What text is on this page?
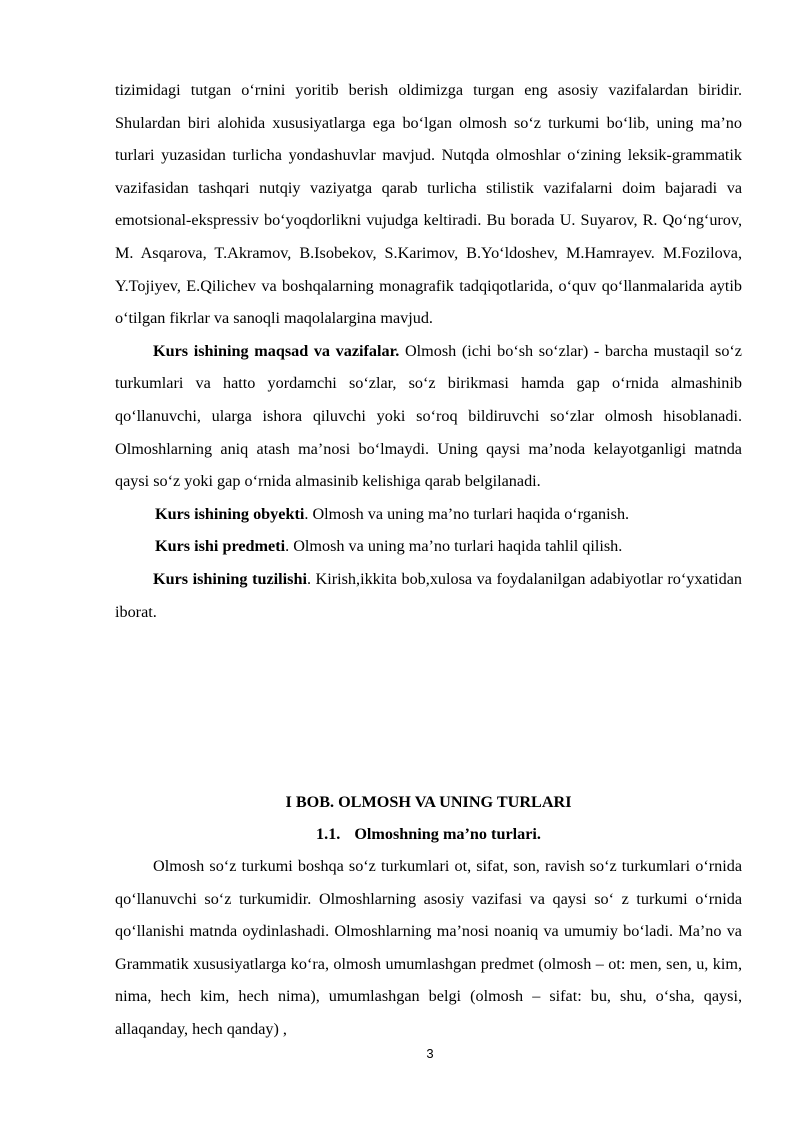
tizimidagi tutgan o‘rnini yoritib berish oldimizga turgan eng asosiy vazifalardan biridir. Shulardan biri alohida xususiyatlarga ega bo‘lgan olmosh so‘z turkumi bo‘lib, uning ma’no turlari yuzasidan turlicha yondashuvlar mavjud. Nutqda olmoshlar o‘zining leksik-grammatik vazifasidan tashqari nutqiy vaziyatga qarab turlicha stilistik vazifalarni doim bajaradi va emotsional-ekspressiv bo‘yoqdorlikni vujudga keltiradi. Bu borada U. Suyarov, R. Qo‘ng‘urov, M. Asqarova, T.Akramov, B.Isobekov, S.Karimov, B.Yo‘ldoshev, M.Hamrayev. M.Fozilova, Y.Tojiyev, E.Qilichev va boshqalarning monagrafik tadqiqotlarida, o‘quv qo‘llanmalarida aytib o‘tilgan fikrlar va sanoqli maqolalargina mavjud.

Kurs ishining maqsad va vazifalar. Olmosh (ichi bo‘sh so‘zlar) - barcha mustaqil so‘z turkumlari va hatto yordamchi so‘zlar, so‘z birikmasi hamda gap o‘rnida almashinib qo‘llanuvchi, ularga ishora qiluvchi yoki so‘roq bildiruvchi so‘zlar olmosh hisoblanadi. Olmoshlarning aniq atash ma’nosi bo‘lmaydi. Uning qaysi ma’noda kelayotganligi matnda qaysi so‘z yoki gap o‘rnida almasinib kelishiga qarab belgilanadi.

Kurs ishining obyekti. Olmosh va uning ma’no turlari haqida o‘rganish.

Kurs ishi predmeti. Olmosh va uning ma’no turlari haqida tahlil qilish.

Kurs ishining tuzilishi. Kirish,ikkita bob,xulosa va foydalanilgan adabiyotlar ro‘yxatidan iborat.

I BOB. OLMOSH VA UNING TURLARI

1.1. Olmoshning ma’no turlari.

Olmosh so‘z turkumi boshqa so‘z turkumlari ot, sifat, son, ravish so‘z turkumlari o‘rnida qo‘llanuvchi so‘z turkumidir. Olmoshlarning asosiy vazifasi va qaysi so‘ z turkumi o‘rnida qo‘llanishi matnda oydinlashadi. Olmoshlarning ma’nosi noaniq va umumiy bo‘ladi. Ma’no va Grammatik xususiyatlarga ko‘ra, olmosh umumlashgan predmet (olmosh – ot: men, sen, u, kim, nima, hech kim, hech nima), umumlashgan belgi (olmosh – sifat: bu, shu, o‘sha, qaysi, allaqanday, hech qanday) ,

3
